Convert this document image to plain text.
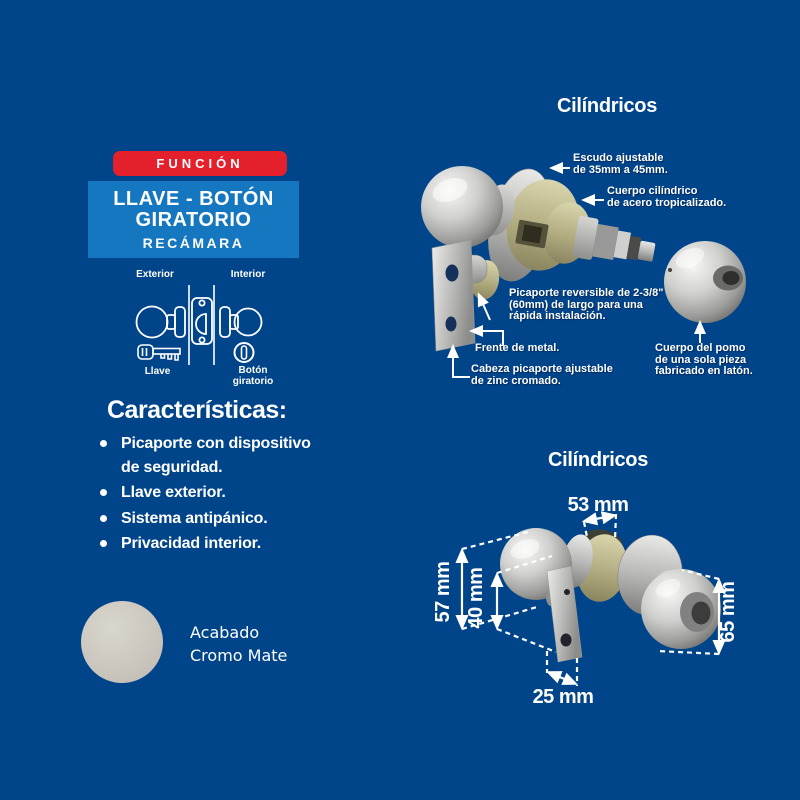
FUNCIÓN
LLAVE - BOTÓN
GIRATORIO
RECÁMARA
Exterior	Interior
Llave	Botón
giratorio
Características:
Picaporte con dispositivo de seguridad.
Llave exterior.
Sistema antipánico.
Privacidad interior.
Acabado
Cromo Mate
Cilíndricos
Escudo ajustable
de 35mm a 45mm.
Cuerpo cilíndrico
de acero tropicalizado.
Picaporte reversible de 2-3/8"
(60mm) de largo para una
rápida instalación.
Frente de metal.
Cabeza picaporte ajustable
de zinc cromado.
Cuerpo del pomo
de una sola pieza
fabricado en latón.
Cilíndricos
53 mm
57 mm 40 mm	65 mm
25 mm
